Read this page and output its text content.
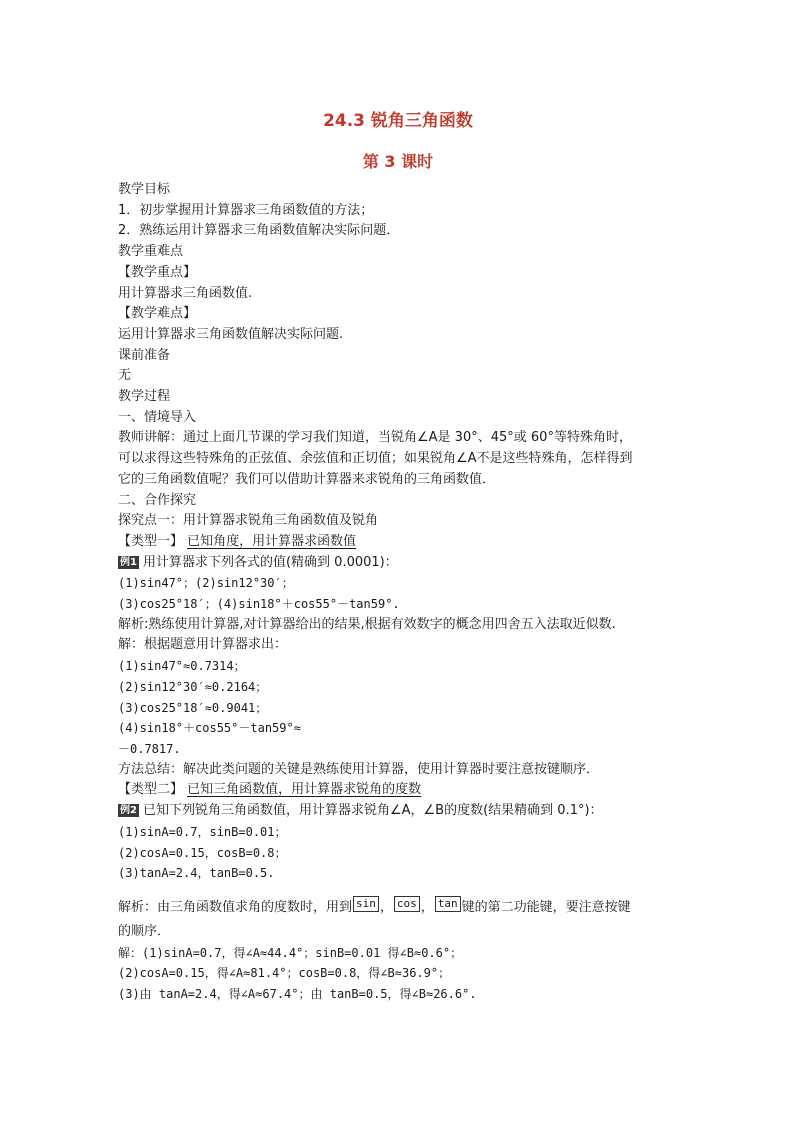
24.3 锐角三角函数
第 3 课时
教学目标
1．初步掌握用计算器求三角函数值的方法；
2．熟练运用计算器求三角函数值解决实际问题．
教学重难点
【教学重点】
用计算器求三角函数值.
【教学难点】
运用计算器求三角函数值解决实际问题.
课前准备
无
教学过程
一、情境导入
教师讲解：通过上面几节课的学习我们知道，当锐角∠A是 30°、45°或 60°等特殊角时，
可以求得这些特殊角的正弦值、余弦值和正切值；如果锐角∠A不是这些特殊角，怎样得到
它的三角函数值呢？我们可以借助计算器来求锐角的三角函数值．
二、合作探究
探究点一：用计算器求锐角三角函数值及锐角
【类型一】 已知角度，用计算器求函数值
例1 用计算器求下列各式的值(精确到 0.0001)：
(1)sin47°；(2)sin12°30′；
(3)cos25°18′；(4)sin18°＋cos55°－tan59°.
解析:熟练使用计算器,对计算器给出的结果,根据有效数字的概念用四舍五入法取近似数.
解：根据题意用计算器求出：
(1)sin47°≈0.7314；
(2)sin12°30′≈0.2164；
(3)cos25°18′≈0.9041；
(4)sin18°＋cos55°－tan59°≈
－0.7817.
方法总结：解决此类问题的关键是熟练使用计算器，使用计算器时要注意按键顺序．
【类型二】 已知三角函数值，用计算器求锐角的度数
例2 已知下列锐角三角函数值，用计算器求锐角∠A，∠B的度数(结果精确到 0.1°)：
(1)sinA=0.7，sinB=0.01；
(2)cosA=0.15，cosB=0.8；
(3)tanA=2.4，tanB=0.5.
解析：由三角函数值求角的度数时，用到 sin ， cos ， tan 键的第二功能键，要注意按键
的顺序．
解：(1)sinA=0.7，得∠A≈44.4°；sinB=0.01 得∠B≈0.6°；
(2)cosA=0.15，得∠A≈81.4°；cosB=0.8，得∠B≈36.9°；
(3)由 tanA=2.4，得∠A≈67.4°；由 tanB=0.5，得∠B≈26.6°.
